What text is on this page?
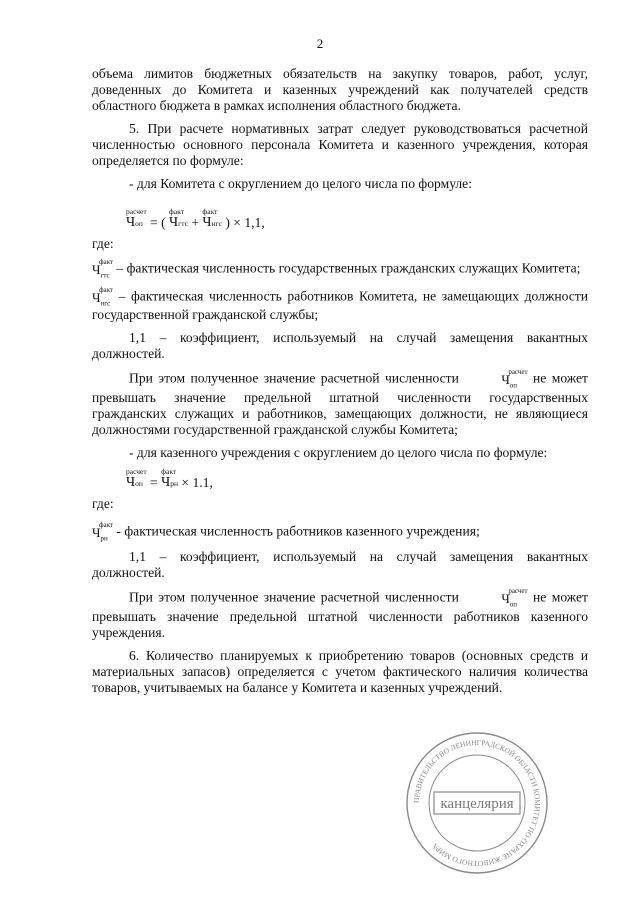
2

объема лимитов бюджетных обязательств на закупку товаров, работ, услуг, доведенных до Комитета и казенных учреждений как получателей средств областного бюджета в рамках исполнения областного бюджета.

5. При расчете нормативных затрат следует руководствоваться расчетной численностью основного персонала Комитета и казенного учреждения, которая определяется по формуле:

- для Комитета с округлением до целого числа по формуле:

расчет
Ч оп = (
факт
Ч гтс +
факт
Ч нгс ) × 1,1,

где:

факт
$Ч_{гтс}$
– фактическая численность государственных гражданских служащих Комитета;

факт
$Ч_{нгс}$
– фактическая численность работников Комитета, не замещающих должности государственной гражданской службы;

1,1 – коэффициент, используемый на случай замещения вакантных должностей.

При этом полученное значение расчетной численности	расчет
$Ч_{оп}$
не может превышать значение предельной штатной численности государственных гражданских служащих и работников, замещающих должности, не являющиеся должностями государственной гражданской службы Комитета;

- для казенного учреждения с округлением до целого числа по формуле:

расчет
Ч оп =
факт
Ч рн × 1.1,

где:

факт
$Ч_{рн}$
- фактическая численность работников казенного учреждения;

1,1 – коэффициент, используемый на случай замещения вакантных должностей.

При этом полученное значение расчетной численности	расчет
$Ч_{оп}$
не может превышать значение предельной штатной численности работников казенного учреждения.

6. Количество планируемых к приобретению товаров (основных средств и материальных запасов) определяется с учетом фактического наличия количества товаров, учитываемых на балансе у Комитета и казенных учреждений.

ПРАВИТЕЛЬСТВО ЛЕНИНГРАДСКОЙ ОБЛАСТИ КОМИТЕТ ПО ОХРАНЕ ЖИВОТНОГО МИРА
канцелярия
